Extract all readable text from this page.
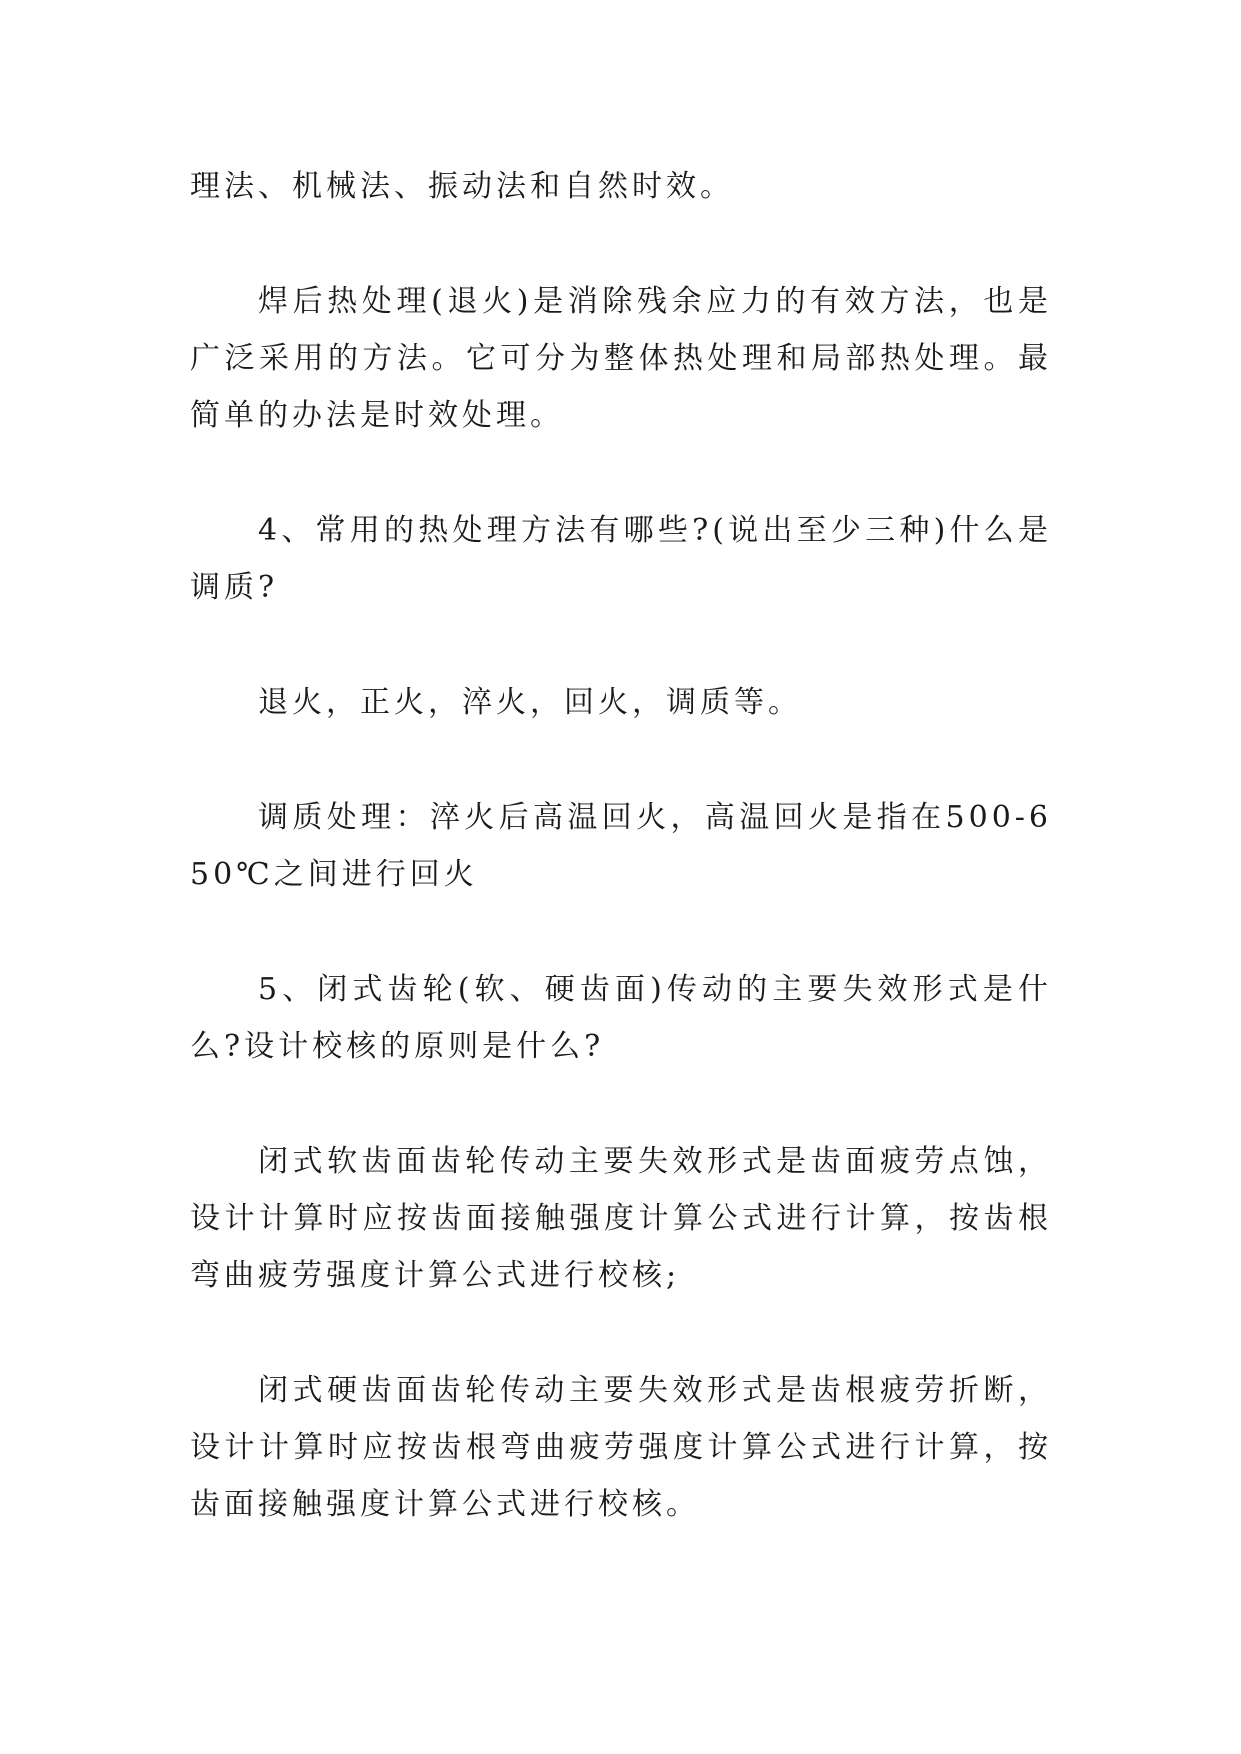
理法、机械法、振动法和自然时效。

焊后热处理(退火)是消除残余应力的有效方法，也是广泛采用的方法。它可分为整体热处理和局部热处理。最简单的办法是时效处理。

4、常用的热处理方法有哪些?(说出至少三种)什么是调质?

退火，正火，淬火，回火，调质等。

调质处理：淬火后高温回火，高温回火是指在500-650℃之间进行回火

5、闭式齿轮(软、硬齿面)传动的主要失效形式是什么?设计校核的原则是什么?

闭式软齿面齿轮传动主要失效形式是齿面疲劳点蚀，设计计算时应按齿面接触强度计算公式进行计算，按齿根弯曲疲劳强度计算公式进行校核;

闭式硬齿面齿轮传动主要失效形式是齿根疲劳折断，设计计算时应按齿根弯曲疲劳强度计算公式进行计算，按齿面接触强度计算公式进行校核。
